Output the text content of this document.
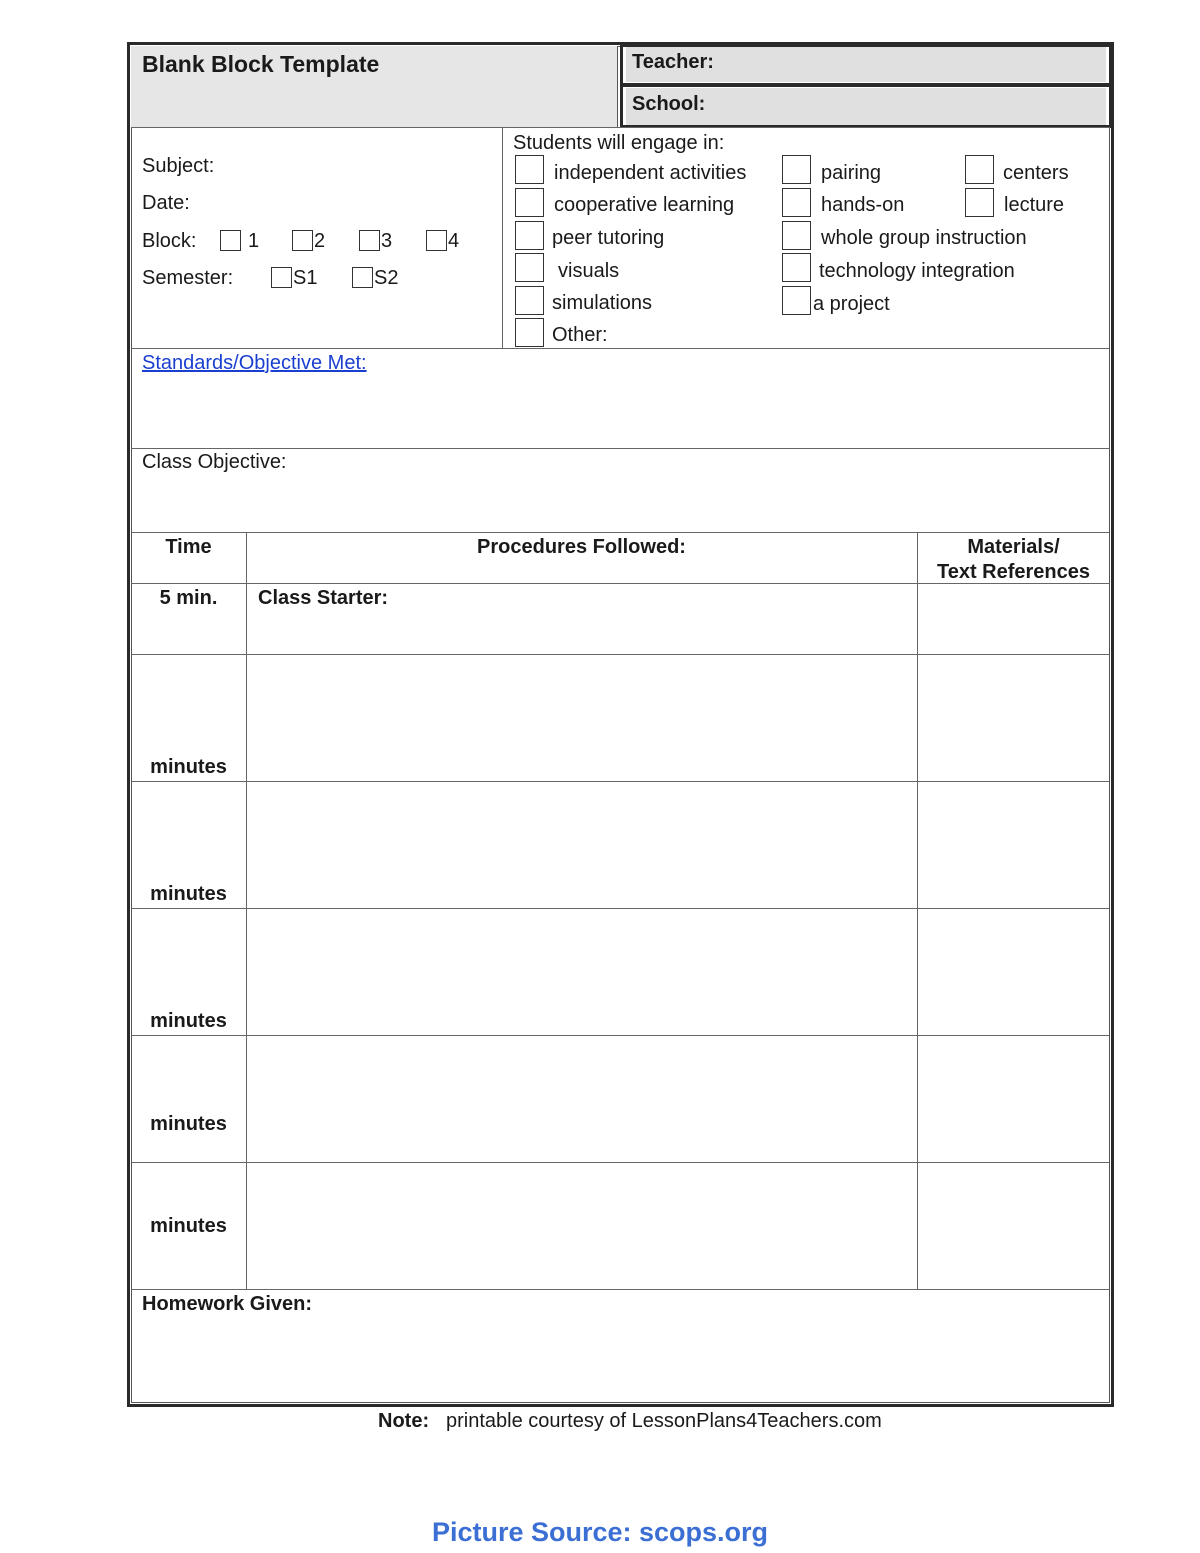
Blank Block Template	Teacher:
School:
Subject:
Date:
Block:	1	2	3	4
Semester:	S1	S2
Students will engage in:
independent activities
cooperative learning
peer tutoring
visuals
simulations
Other:
pairing
hands-on
whole group instruction
technology integration
a project
centers
lecture
Standards/Objective Met:
Class Objective:
Time	Procedures Followed:	Materials/
Text References
5 min.	Class Starter:
minutes
minutes
minutes
minutes
minutes
Homework Given:
Note: printable courtesy of LessonPlans4Teachers.com
Picture Source: scops.org
